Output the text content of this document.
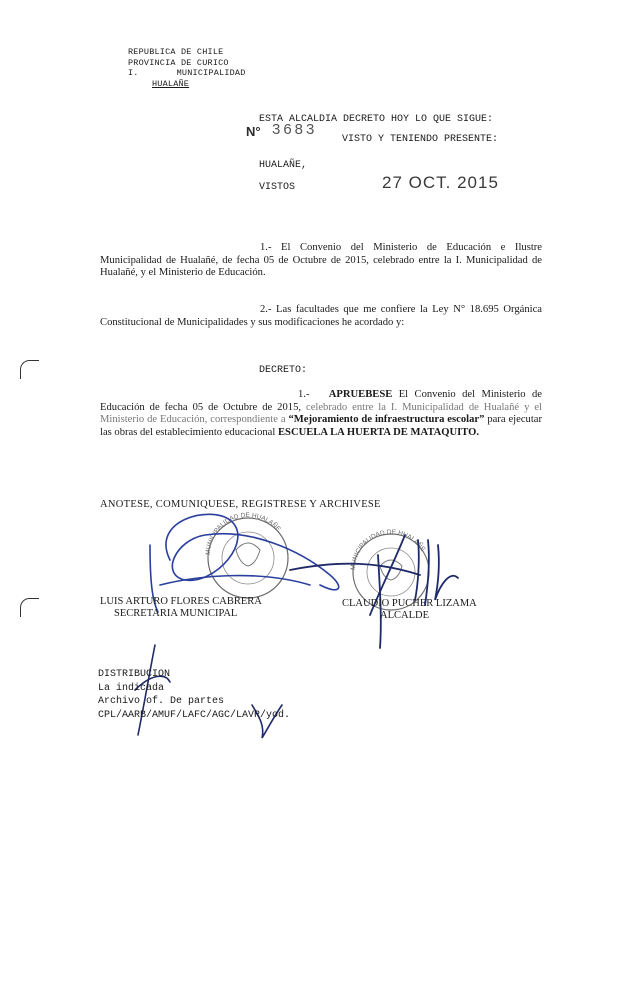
REPUBLICA DE CHILE
PROVINCIA DE CURICO
I.	MUNICIPALIDAD
HUALAÑE
ESTA ALCALDIA DECRETO HOY LO QUE SIGUE:
N° 3683
VISTO Y TENIENDO PRESENTE:
HUALAÑE,
VISTOS	27 OCT. 2015
1.- El Convenio del Ministerio de Educación e Ilustre Municipalidad de Hualañé, de fecha 05 de Octubre de 2015, celebrado entre la I. Municipalidad de Hualañé, y el Ministerio de Educación.
2.- Las facultades que me confiere la Ley N° 18.695 Orgánica Constitucional de Municipalidades y sus modificaciones he acordado y:
DECRETO:
1.- APRUEBESE El Convenio del Ministerio de Educación de fecha 05 de Octubre de 2015, celebrado entre la I. Municipalidad de Hualañé y el Ministerio de Educación, correspondiente a “Mejoramiento de infraestructura escolar” para ejecutar las obras del establecimiento educacional ESCUELA LA HUERTA DE MATAQUITO.
ANOTESE, COMUNIQUESE, REGISTRESE Y ARCHIVESE
MUNICIPALIDAD DE HUALAÑE
MUNICIPALIDAD DE HUALAÑE
LUIS ARTURO FLORES CABRERA
SECRETARIA MUNICIPAL
CLAUDIO PUCHER LIZAMA
ALCALDE
DISTRIBUCION
La indicada
Archivo of. De partes
CPL/AARB/AMUF/LAFC/AGC/LAVR/yod.
